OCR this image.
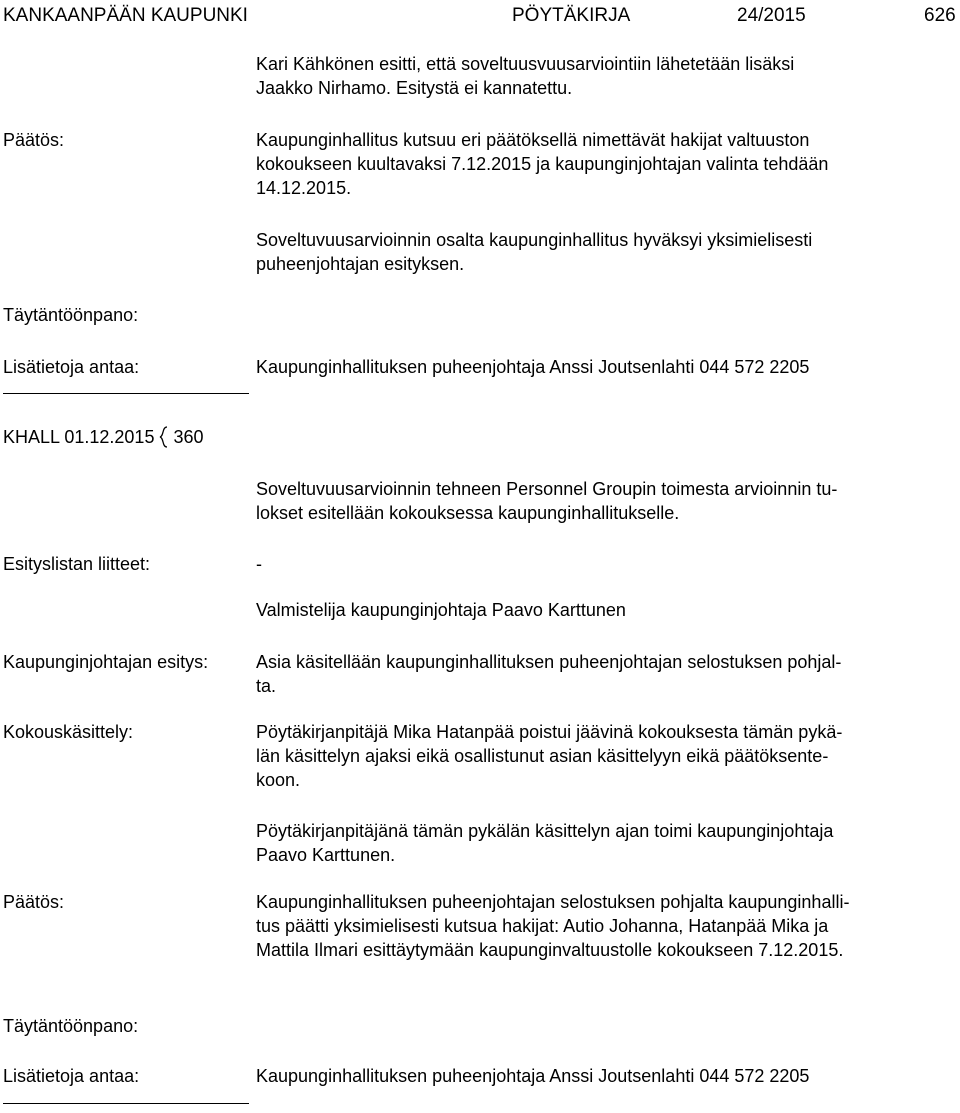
KANKAANPÄÄN KAUPUNKI	PÖYTÄKIRJA	24/2015	626
Kari Kähkönen esitti, että soveltuusvuusarviointiin lähetetään lisäksi
Jaakko Nirhamo. Esitystä ei kannatettu.
Päätös:	Kaupunginhallitus kutsuu eri päätöksellä nimettävät hakijat valtuuston
kokoukseen kuultavaksi 7.12.2015 ja kaupunginjohtajan valinta tehdään
14.12.2015.
Soveltuvuusarvioinnin osalta kaupunginhallitus hyväksyi yksimielisesti
puheenjohtajan esityksen.
Täytäntöönpano:
Lisätietoja antaa:	Kaupunginhallituksen puheenjohtaja Anssi Joutsenlahti 044 572 2205
KHALL 01.12.2015 360
Soveltuvuusarvioinnin tehneen Personnel Groupin toimesta arvioinnin tu-
lokset esitellään kokouksessa kaupunginhallitukselle.
Esityslistan liitteet:	-
Valmistelija kaupunginjohtaja Paavo Karttunen
Kaupunginjohtajan esitys:	Asia käsitellään kaupunginhallituksen puheenjohtajan selostuksen pohjal-
ta.
Kokouskäsittely:	Pöytäkirjanpitäjä Mika Hatanpää poistui jäävinä kokouksesta tämän pykä-
län käsittelyn ajaksi eikä osallistunut asian käsittelyyn eikä päätöksente-
koon.
Pöytäkirjanpitäjänä tämän pykälän käsittelyn ajan toimi kaupunginjohtaja
Paavo Karttunen.
Päätös:	Kaupunginhallituksen puheenjohtajan selostuksen pohjalta kaupunginhalli-
tus päätti yksimielisesti kutsua hakijat: Autio Johanna, Hatanpää Mika ja
Mattila Ilmari esittäytymään kaupunginvaltuustolle kokoukseen 7.12.2015.
Täytäntöönpano:
Lisätietoja antaa:	Kaupunginhallituksen puheenjohtaja Anssi Joutsenlahti 044 572 2205
